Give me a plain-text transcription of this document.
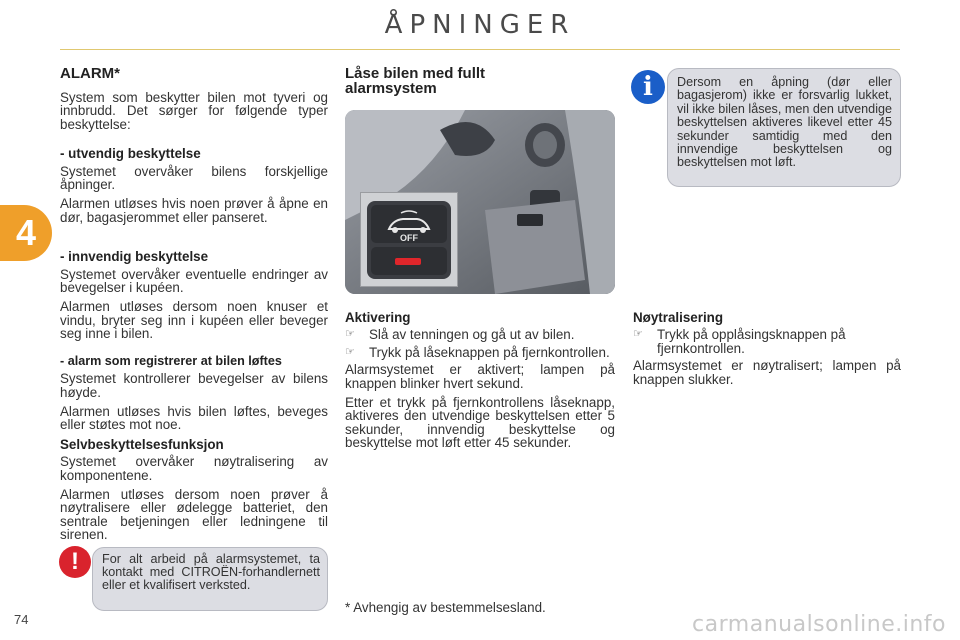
ÅPNINGER
4
ALARM*

System som beskytter bilen mot tyveri og innbrudd. Det sørger for følgende typer beskyttelse:

- utvendig beskyttelse

Systemet overvåker bilens forskjellige åpninger.

Alarmen utløses hvis noen prøver å åpne en dør, bagasjerommet eller panseret.

- innvendig beskyttelse

Systemet overvåker eventuelle endringer av bevegelser i kupéen.

Alarmen utløses dersom noen knuser et vindu, bryter seg inn i kupéen eller beveger seg inne i bilen.

- alarm som registrerer at bilen løftes

Systemet kontrollerer bevegelser av bilens høyde.

Alarmen utløses hvis bilen løftes, beveges eller støtes mot noe.

Selvbeskyttelsesfunksjon

Systemet overvåker nøytralisering av komponentene.

Alarmen utløses dersom noen prøver å nøytralisere eller ødelegge batteriet, den sentrale betjeningen eller ledningene til sirenen.

!	For alt arbeid på alarmsystemet, ta kontakt med CITROËN-forhandlernett eller et kvalifisert verksted.
Låse bilen med fullt alarmsystem
OFF
Aktivering
☞	Slå av tenningen og gå ut av bilen.
☞	Trykk på låseknappen på fjernkontrollen.

Alarmsystemet er aktivert; lampen på knappen blinker hvert sekund.

Etter et trykk på fjernkontrollens låseknapp, aktiveres den utvendige beskyttelsen etter 5 sekunder, innvendig beskyttelse og beskyttelse mot løft etter 45 sekunder.

i	Dersom en åpning (dør eller bagasjerom) ikke er forsvarlig lukket, vil ikke bilen låses, men den utvendige beskyttelsen aktiveres likevel etter 45 sekunder samtidig med den innvendige beskyttelsen og beskyttelsen mot løft.
Nøytralisering
☞	Trykk på opplåsingsknappen på fjernkontrollen.

Alarmsystemet er nøytralisert; lampen på knappen slukker.

* Avhengig av bestemmelsesland.
74	carmanualsonline.info
